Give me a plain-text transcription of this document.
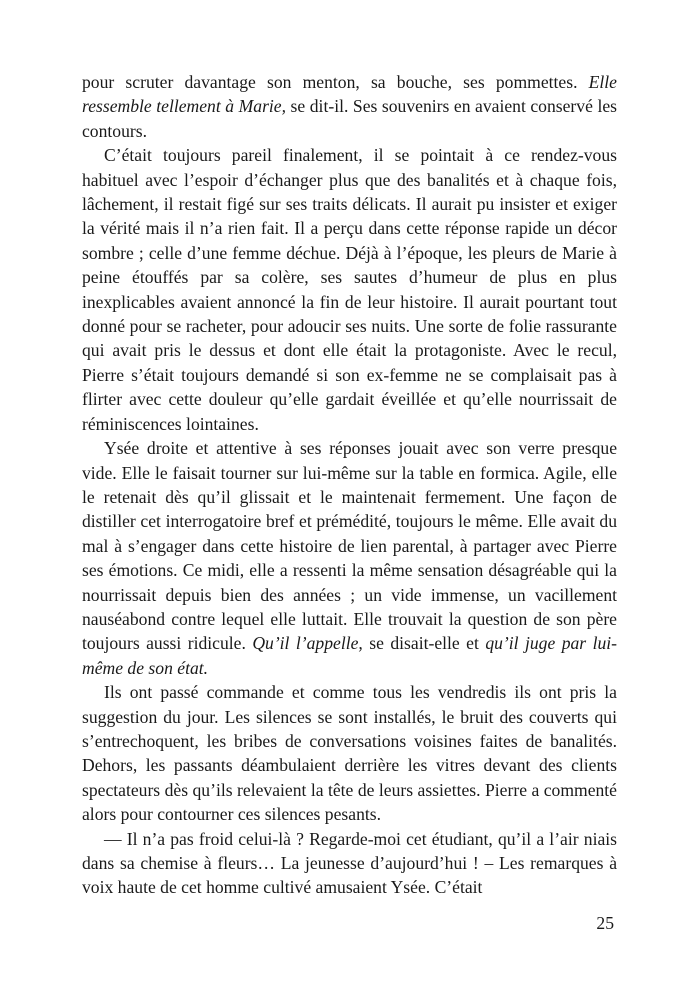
pour scruter davantage son menton, sa bouche, ses pommettes. Elle ressemble tellement à Marie, se dit-il. Ses souvenirs en avaient conservé les contours.

C’était toujours pareil finalement, il se pointait à ce rendez-vous habituel avec l’espoir d’échanger plus que des banalités et à chaque fois, lâchement, il restait figé sur ses traits délicats. Il aurait pu insister et exiger la vérité mais il n’a rien fait. Il a perçu dans cette réponse rapide un décor sombre ; celle d’une femme déchue. Déjà à l’époque, les pleurs de Marie à peine étouffés par sa colère, ses sautes d’humeur de plus en plus inexplicables avaient annoncé la fin de leur histoire. Il aurait pourtant tout donné pour se racheter, pour adoucir ses nuits. Une sorte de folie rassurante qui avait pris le dessus et dont elle était la protagoniste. Avec le recul, Pierre s’était toujours demandé si son ex-femme ne se complaisait pas à flirter avec cette douleur qu’elle gardait éveillée et qu’elle nourrissait de réminiscences lointaines.

Ysée droite et attentive à ses réponses jouait avec son verre presque vide. Elle le faisait tourner sur lui-même sur la table en formica. Agile, elle le retenait dès qu’il glissait et le maintenait fermement. Une façon de distiller cet interrogatoire bref et prémédité, toujours le même. Elle avait du mal à s’engager dans cette histoire de lien parental, à partager avec Pierre ses émotions. Ce midi, elle a ressenti la même sensation désagréable qui la nourrissait depuis bien des années ; un vide immense, un vacillement nauséabond contre lequel elle luttait. Elle trouvait la question de son père toujours aussi ridicule. Qu’il l’appelle, se disait-elle et qu’il juge par lui-même de son état.

Ils ont passé commande et comme tous les vendredis ils ont pris la suggestion du jour. Les silences se sont installés, le bruit des couverts qui s’entrechoquent, les bribes de conversations voisines faites de banalités. Dehors, les passants déambulaient derrière les vitres devant des clients spectateurs dès qu’ils relevaient la tête de leurs assiettes. Pierre a commenté alors pour contourner ces silences pesants.

— Il n’a pas froid celui-là ? Regarde-moi cet étudiant, qu’il a l’air niais dans sa chemise à fleurs… La jeunesse d’aujourd’hui ! – Les remarques à voix haute de cet homme cultivé amusaient Ysée. C’était

25
